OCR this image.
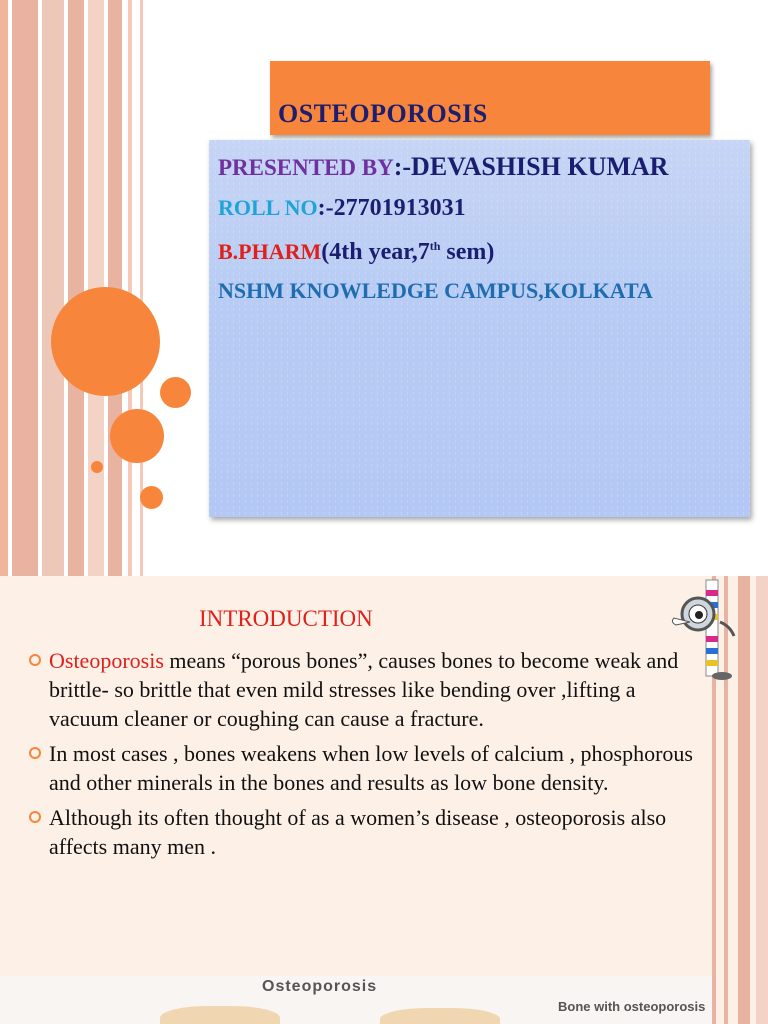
OSTEOPOROSIS
PRESENTED BY:-DEVASHISH KUMAR
ROLL NO:-27701913031
B.PHARM(4th year,7th sem)
NSHM KNOWLEDGE CAMPUS,KOLKATA
INTRODUCTION
Osteoporosis means “porous bones”, causes bones to become weak and brittle- so brittle that even mild stresses like bending over ,lifting a vacuum cleaner or coughing can cause a fracture.
In most cases , bones weakens when low levels of calcium , phosphorous and other minerals in the bones and results as low bone density.
Although its often thought of as a women’s disease , osteoporosis also affects many men .
Osteoporosis
Bone with osteoporosis
